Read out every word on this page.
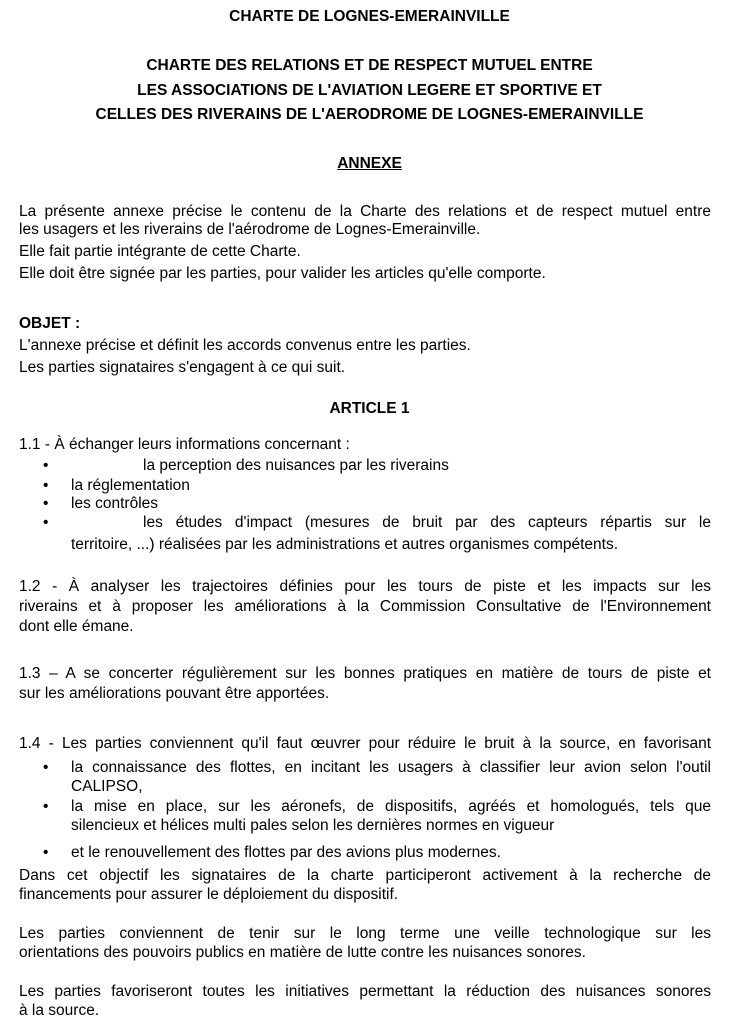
CHARTE DE LOGNES-EMERAINVILLE
CHARTE DES RELATIONS ET DE RESPECT MUTUEL ENTRE
LES ASSOCIATIONS DE L'AVIATION LEGERE ET SPORTIVE ET
CELLES DES RIVERAINS DE L'AERODROME DE LOGNES-EMERAINVILLE
ANNEXE
La présente annexe précise le contenu de la Charte des relations et de respect mutuel entre
les usagers et les riverains de l'aérodrome de Lognes-Emerainville.
Elle fait partie intégrante de cette Charte.
Elle doit être signée par les parties, pour valider les articles qu'elle comporte.
OBJET :
L'annexe précise et définit les accords convenus entre les parties.
Les parties signataires s'engagent à ce qui suit.
ARTICLE 1
1.1 - À échanger leurs informations concernant :
•	la perception des nuisances par les riverains
• la réglementation
• les contrôles
•	les études d'impact (mesures de bruit par des capteurs répartis sur le
territoire, ...) réalisées par les administrations et autres organismes compétents.
1.2 - À analyser les trajectoires définies pour les tours de piste et les impacts sur les
riverains et à proposer les améliorations à la Commission Consultative de l'Environnement
dont elle émane.
1.3 – A se concerter régulièrement sur les bonnes pratiques en matière de tours de piste et
sur les améliorations pouvant être apportées.
1.4 - Les parties conviennent qu'il faut œuvrer pour réduire le bruit à la source, en favorisant
• la connaissance des flottes, en incitant les usagers à classifier leur avion selon l'outil
CALIPSO,
• la mise en place, sur les aéronefs, de dispositifs, agréés et homologués, tels que
silencieux et hélices multi pales selon les dernières normes en vigueur
• et le renouvellement des flottes par des avions plus modernes.
Dans cet objectif les signataires de la charte participeront activement à la recherche de
financements pour assurer le déploiement du dispositif.
Les parties conviennent de tenir sur le long terme une veille technologique sur les
orientations des pouvoirs publics en matière de lutte contre les nuisances sonores.
Les parties favoriseront toutes les initiatives permettant la réduction des nuisances sonores
à la source.
